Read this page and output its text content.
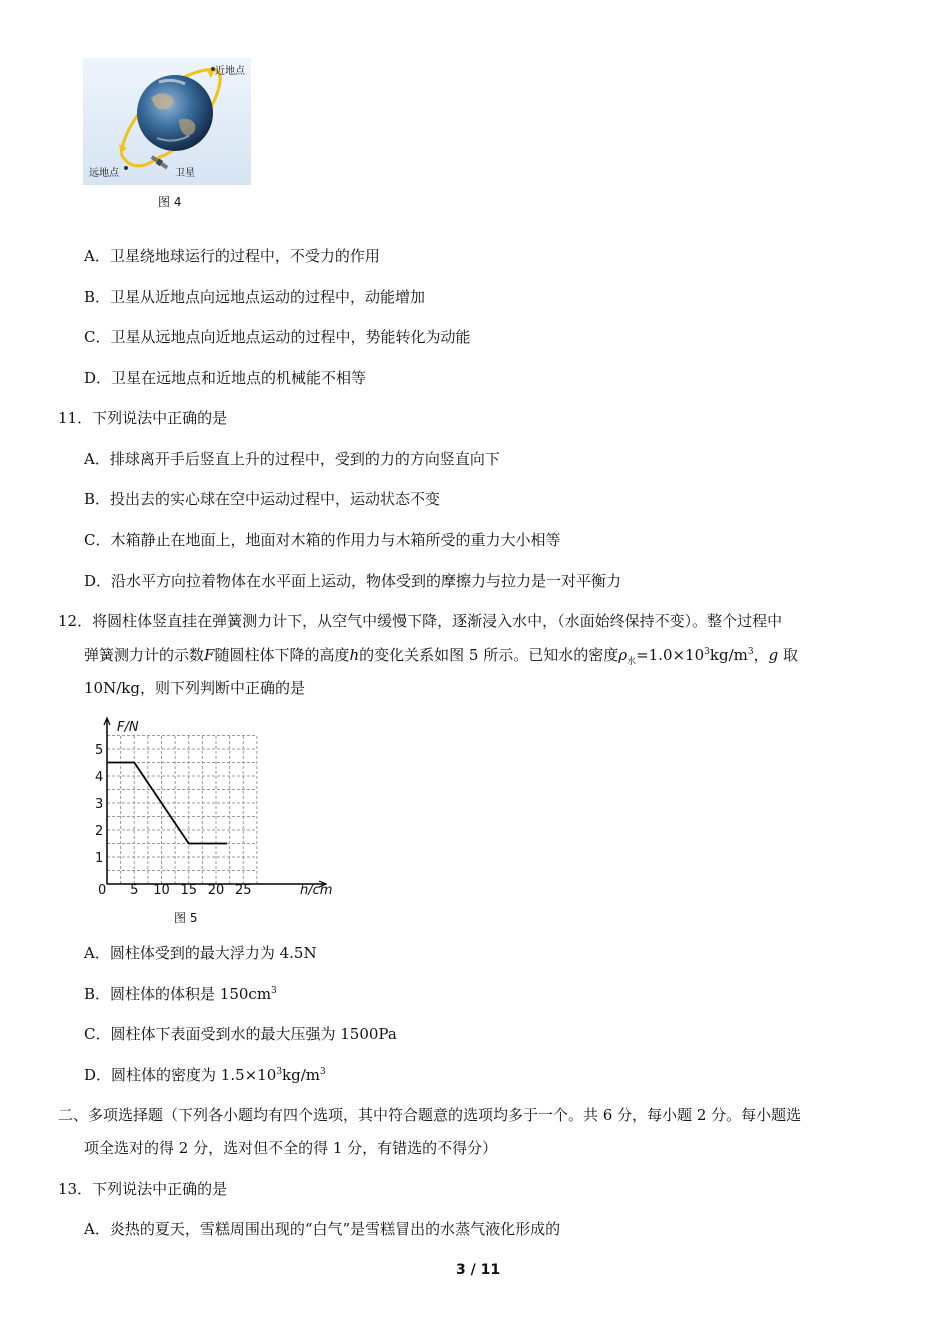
近地点
远地点	卫星
图 4
A．卫星绕地球运行的过程中，不受力的作用
B．卫星从近地点向远地点运动的过程中，动能增加
C．卫星从远地点向近地点运动的过程中，势能转化为动能
D．卫星在远地点和近地点的机械能不相等
11．下列说法中正确的是
A．排球离开手后竖直上升的过程中，受到的力的方向竖直向下
B．投出去的实心球在空中运动过程中，运动状态不变
C．木箱静止在地面上，地面对木箱的作用力与木箱所受的重力大小相等
D．沿水平方向拉着物体在水平面上运动，物体受到的摩擦力与拉力是一对平衡力
12．将圆柱体竖直挂在弹簧测力计下，从空气中缓慢下降，逐渐浸入水中，（水面始终保持不变）。整个过程中
弹簧测力计的示数F随圆柱体下降的高度h的变化关系如图 5 所示。已知水的密度$\rho_水=1.0\times 10^3kg/m^3$，g 取
10N/kg，则下列判断中正确的是
0 5 10 15 20 25
1
2
3
4
5
F/N
h/cm
图 5
A．圆柱体受到的最大浮力为 4.5N
B．圆柱体的体积是 $150cm^3$
C．圆柱体下表面受到水的最大压强为 1500Pa
D．圆柱体的密度为 $1.5\times 10^3kg/m^3$
二、多项选择题（下列各小题均有四个选项，其中符合题意的选项均多于一个。共 6 分，每小题 2 分。每小题选
项全选对的得 2 分，选对但不全的得 1 分，有错选的不得分）
13．下列说法中正确的是
A．炎热的夏天，雪糕周围出现的“白气”是雪糕冒出的水蒸气液化形成的
3 / 11
